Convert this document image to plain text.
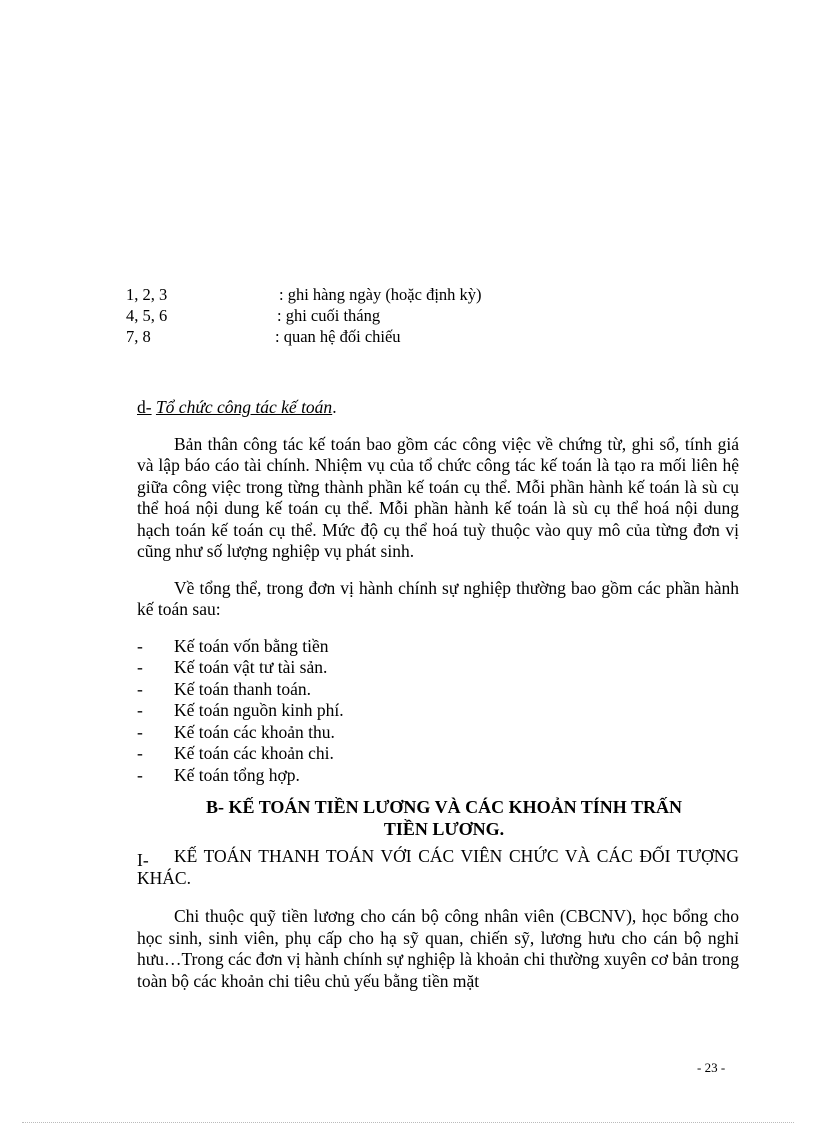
1, 2, 3	: ghi hàng ngày (hoặc định kỳ)
4, 5, 6	: ghi cuối tháng
7, 8	: quan hệ đối chiếu

d- Tổ chức công tác kế toán.

Bản thân công tác kế toán bao gồm các công việc về chứng từ, ghi sổ, tính giá và lập báo cáo tài chính. Nhiệm vụ của tổ chức công tác kế toán là tạo ra mối liên hệ giữa công việc trong từng thành phần kế toán cụ thể. Mỗi phần hành kế toán là sù cụ thể hoá nội dung kế toán cụ thể. Mỗi phần hành kế toán là sù cụ thể hoá nội dung hạch toán kế toán cụ thể. Mức độ cụ thể hoá tuỳ thuộc vào quy mô của từng đơn vị cũng như số lượng nghiệp vụ phát sinh.

Về tổng thể, trong đơn vị hành chính sự nghiệp thường bao gồm các phần hành kế toán sau:

- Kế toán vốn bằng tiền
- Kế toán vật tư tài sản.
- Kế toán thanh toán.
- Kế toán nguồn kinh phí.
- Kế toán các khoản thu.
- Kế toán các khoản chi.
- Kế toán tổng hợp.
B- KẾ TOÁN TIỀN LƯƠNG VÀ CÁC KHOẢN TÍNH TRẤN
TIỀN LƯƠNG.

I- KẾ TOÁN THANH TOÁN VỚI CÁC VIÊN CHỨC VÀ CÁC ĐỐI TƯỢNG KHÁC.

Chi thuộc quỹ tiền lương cho cán bộ công nhân viên (CBCNV), học bổng cho học sinh, sinh viên, phụ cấp cho hạ sỹ quan, chiến sỹ, lương hưu cho cán bộ nghỉ hưu…Trong các đơn vị hành chính sự nghiệp là khoản chi thường xuyên cơ bản trong toàn bộ các khoản chi tiêu chủ yếu bằng tiền mặt

- 23 -
